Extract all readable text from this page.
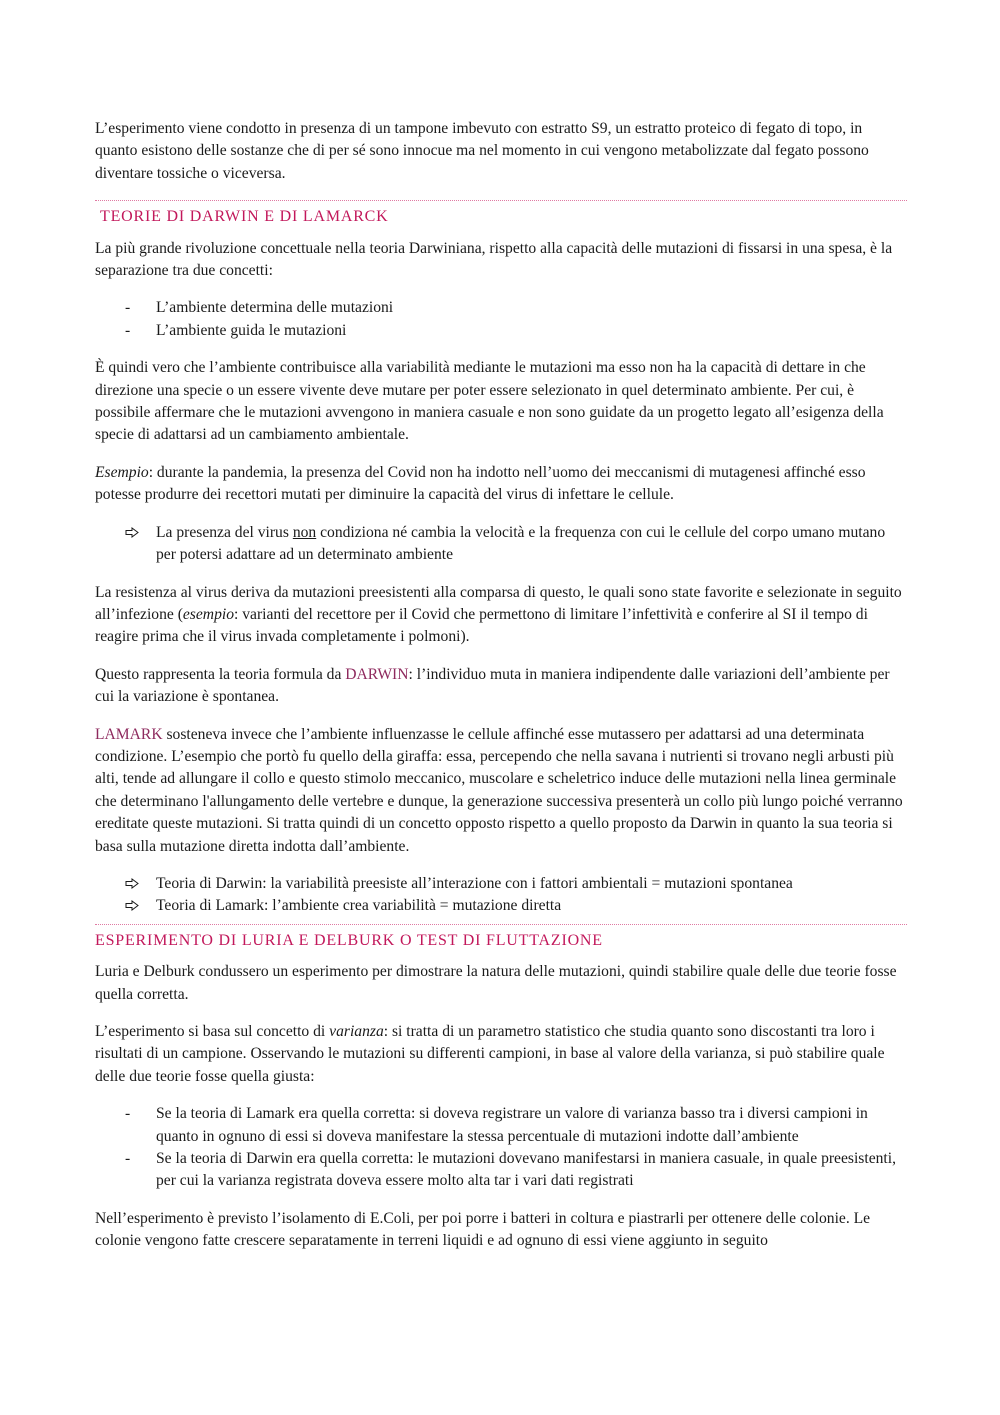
L’esperimento viene condotto in presenza di un tampone imbevuto con estratto S9, un estratto proteico di fegato di topo, in quanto esistono delle sostanze che di per sé sono innocue ma nel momento in cui vengono metabolizzate dal fegato possono diventare tossiche o viceversa.

TEORIE DI DARWIN E DI LAMARCK

La più grande rivoluzione concettuale nella teoria Darwiniana, rispetto alla capacità delle mutazioni di fissarsi in una spesa, è la separazione tra due concetti:

-	L’ambiente determina delle mutazioni
-	L’ambiente guida le mutazioni

È quindi vero che l’ambiente contribuisce alla variabilità mediante le mutazioni ma esso non ha la capacità di dettare in che direzione una specie o un essere vivente deve mutare per poter essere selezionato in quel determinato ambiente. Per cui, è possibile affermare che le mutazioni avvengono in maniera casuale e non sono guidate da un progetto legato all’esigenza della specie di adattarsi ad un cambiamento ambientale.

Esempio: durante la pandemia, la presenza del Covid non ha indotto nell’uomo dei meccanismi di mutagenesi affinché esso potesse produrre dei recettori mutati per diminuire la capacità del virus di infettare le cellule.

La presenza del virus non condiziona né cambia la velocità e la frequenza con cui le cellule del corpo umano mutano per potersi adattare ad un determinato ambiente

La resistenza al virus deriva da mutazioni preesistenti alla comparsa di questo, le quali sono state favorite e selezionate in seguito all’infezione (esempio: varianti del recettore per il Covid che permettono di limitare l’infettività e conferire al SI il tempo di reagire prima che il virus invada completamente i polmoni).

Questo rappresenta la teoria formula da DARWIN: l’individuo muta in maniera indipendente dalle variazioni dell’ambiente per cui la variazione è spontanea.

LAMARK sosteneva invece che l’ambiente influenzasse le cellule affinché esse mutassero per adattarsi ad una determinata condizione. L’esempio che portò fu quello della giraffa: essa, percependo che nella savana i nutrienti si trovano negli arbusti più alti, tende ad allungare il collo e questo stimolo meccanico, muscolare e scheletrico induce delle mutazioni nella linea germinale che determinano l'allungamento delle vertebre e dunque, la generazione successiva presenterà un collo più lungo poiché verranno ereditate queste mutazioni. Si tratta quindi di un concetto opposto rispetto a quello proposto da Darwin in quanto la sua teoria si basa sulla mutazione diretta indotta dall’ambiente.

Teoria di Darwin: la variabilità preesiste all’interazione con i fattori ambientali = mutazioni spontanea
Teoria di Lamark: l’ambiente crea variabilità = mutazione diretta
ESPERIMENTO DI LURIA E DELBURK O TEST DI FLUTTAZIONE

Luria e Delburk condussero un esperimento per dimostrare la natura delle mutazioni, quindi stabilire quale delle due teorie fosse quella corretta.

L’esperimento si basa sul concetto di varianza: si tratta di un parametro statistico che studia quanto sono discostanti tra loro i risultati di un campione. Osservando le mutazioni su differenti campioni, in base al valore della varianza, si può stabilire quale delle due teorie fosse quella giusta:

-	Se la teoria di Lamark era quella corretta: si doveva registrare un valore di varianza basso tra i diversi campioni in quanto in ognuno di essi si doveva manifestare la stessa percentuale di mutazioni indotte dall’ambiente
-	Se la teoria di Darwin era quella corretta: le mutazioni dovevano manifestarsi in maniera casuale, in quale preesistenti, per cui la varianza registrata doveva essere molto alta tar i vari dati registrati

Nell’esperimento è previsto l’isolamento di E.Coli, per poi porre i batteri in coltura e piastrarli per ottenere delle colonie. Le colonie vengono fatte crescere separatamente in terreni liquidi e ad ognuno di essi viene aggiunto in seguito
